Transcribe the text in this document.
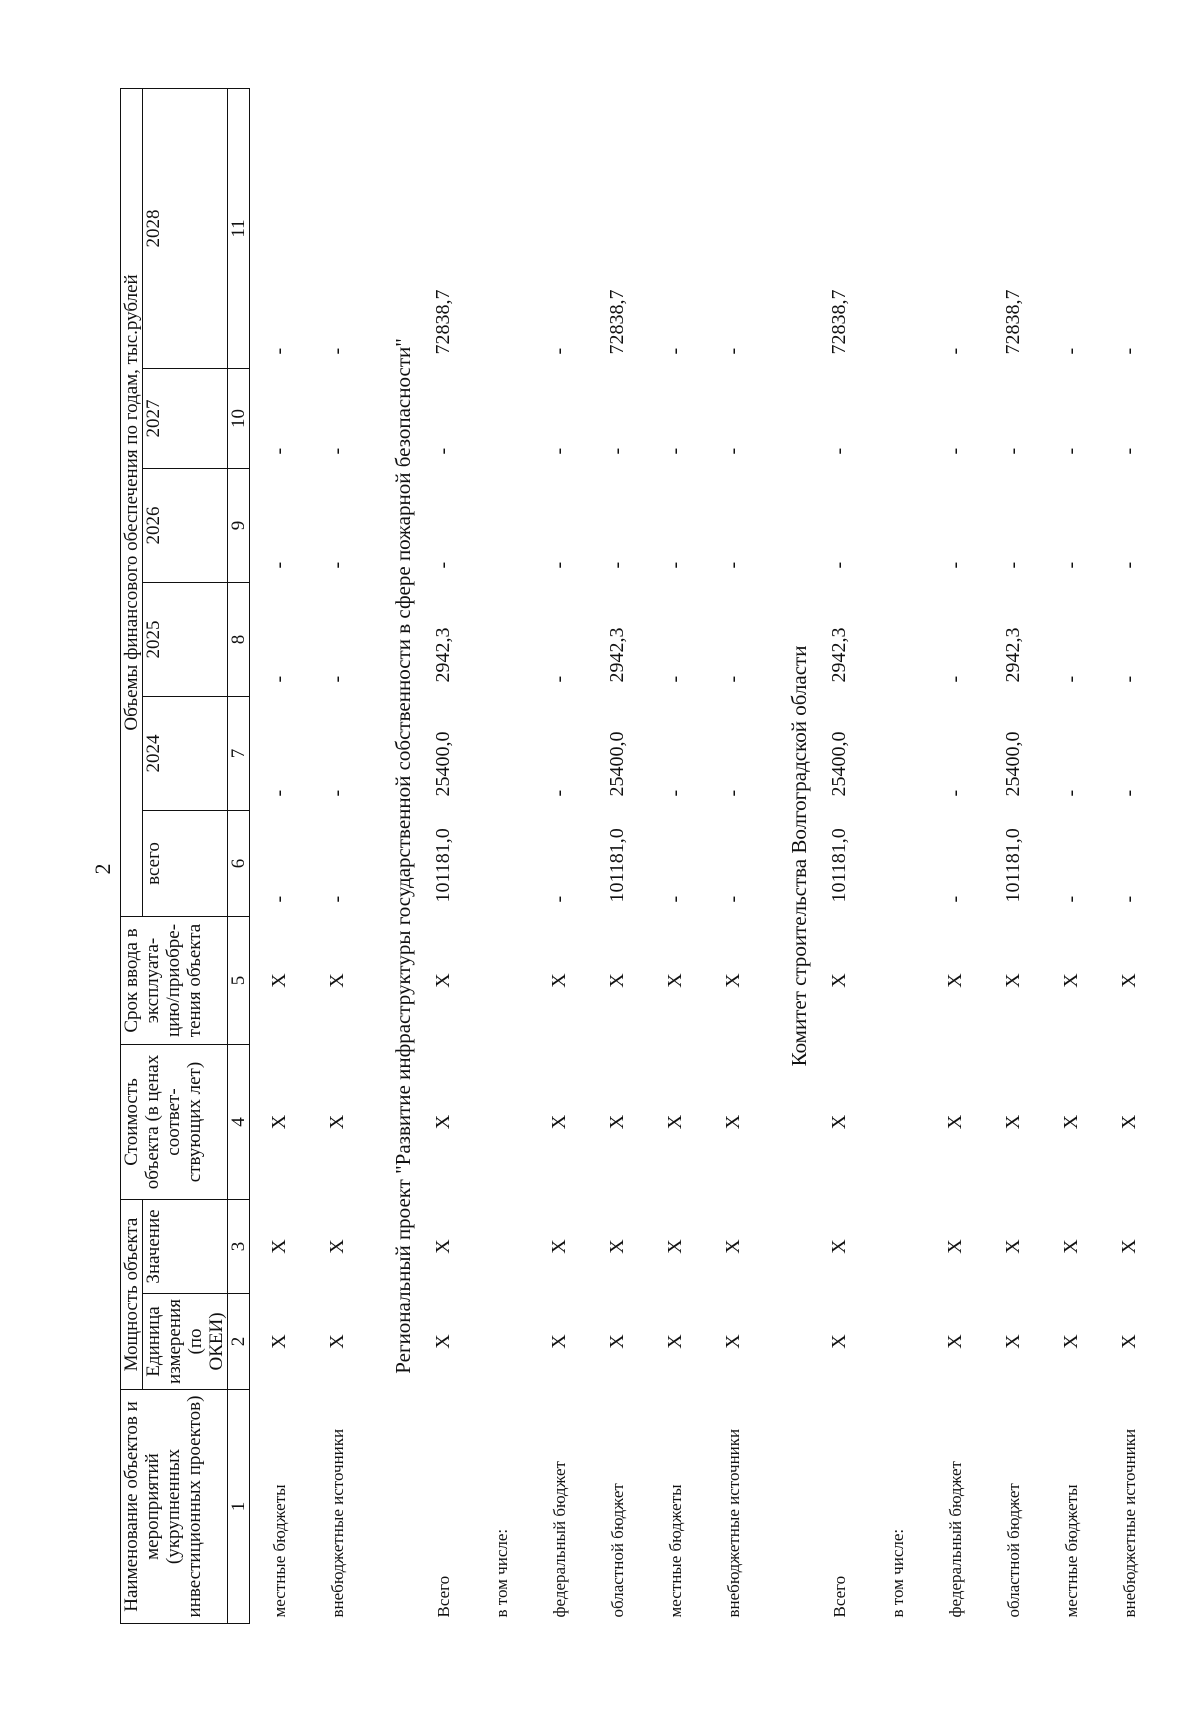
2
Наименование объектов и мероприятий (укрупненных инвестиционных проектов)	Мощность объекта		Стоимость объекта (в ценах соответ-ствующих лет)	Срок ввода в эксплуата-цию/приобре-тения объекта	Объемы финансового обеспечения по годам, тыс.рублей					
	Единица измерения (по ОКЕИ)	Значение			всего	2024	2025	2026	2027	2028
1	2	3	4	5	6	7	8	9	10	11
местные бюджеты	X	X	X	X	-	-	-	-	-	-
внебюджетные источники	X	X	X	X	-	-	-	-	-	-
Региональный проект "Развитие инфраструктуры государственной собственности в сфере пожарной безопасности"										
Всего	X	X	X	X	101181,0	25400,0	2942,3	-	-	72838,7
в том числе:										
федеральный бюджет	X	X	X	X	-	-	-	-	-	-
областной бюджет	X	X	X	X	101181,0	25400,0	2942,3	-	-	72838,7
местные бюджеты	X	X	X	X	-	-	-	-	-	-
внебюджетные источники	X	X	X	X	-	-	-	-	-	-
Комитет строительства Волгоградской области										
Всего	X	X	X	X	101181,0	25400,0	2942,3	-	-	72838,7
в том числе:										
федеральный бюджет	X	X	X	X	-	-	-	-	-	-
областной бюджет	X	X	X	X	101181,0	25400,0	2942,3	-	-	72838,7
местные бюджеты	X	X	X	X	-	-	-	-	-	-
внебюджетные источники	X	X	X	X	-	-	-	-	-	-
